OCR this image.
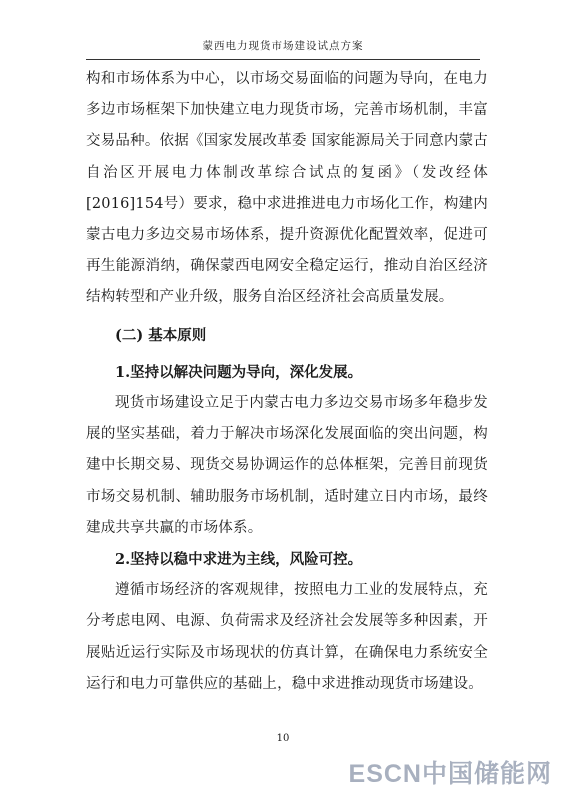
蒙西电力现货市场建设试点方案

构和市场体系为中心，以市场交易面临的问题为导向，在电力多边市场框架下加快建立电力现货市场，完善市场机制，丰富交易品种。依据《国家发展改革委 国家能源局关于同意内蒙古自治区开展电力体制改革综合试点的复函》（发改经体[2016]154号）要求，稳中求进推进电力市场化工作，构建内蒙古电力多边交易市场体系，提升资源优化配置效率，促进可再生能源消纳，确保蒙西电网安全稳定运行，推动自治区经济结构转型和产业升级，服务自治区经济社会高质量发展。

(二) 基本原则

1.坚持以解决问题为导向，深化发展。

现货市场建设立足于内蒙古电力多边交易市场多年稳步发展的坚实基础，着力于解决市场深化发展面临的突出问题，构建中长期交易、现货交易协调运作的总体框架，完善目前现货市场交易机制、辅助服务市场机制，适时建立日内市场，最终建成共享共赢的市场体系。

2.坚持以稳中求进为主线，风险可控。

遵循市场经济的客观规律，按照电力工业的发展特点，充分考虑电网、电源、负荷需求及经济社会发展等多种因素，开展贴近运行实际及市场现状的仿真计算，在确保电力系统安全运行和电力可靠供应的基础上，稳中求进推动现货市场建设。

10
ESCN中国储能网
